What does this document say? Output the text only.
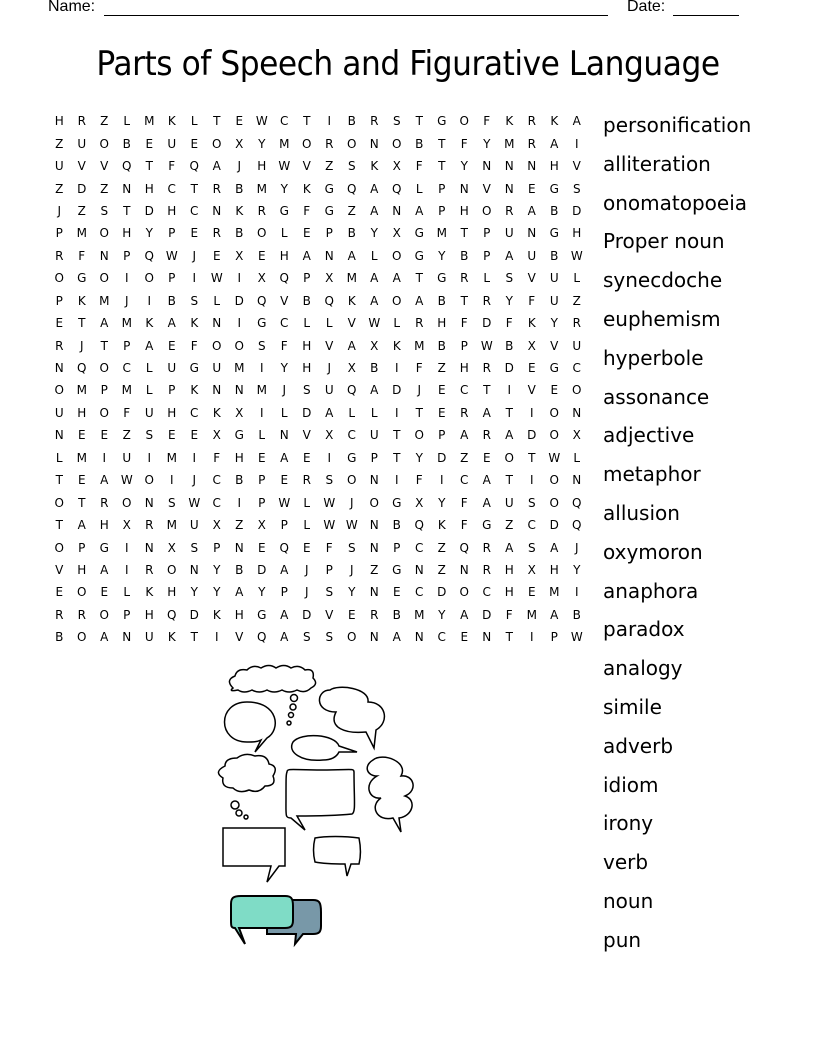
Name:	Date:
Parts of Speech and Figurative Language
H	R	Z	L	M	K	L	T	E	W	C	T	I	B	R	S	T	G	O	F	K	R	K	A
Z	U	O	B	E	U	E	O	X	Y	M	O	R	O	N	O	B	T	F	Y	M	R	A	I
U	V	V	Q	T	F	Q	A	J	H	W	V	Z	S	K	X	F	T	Y	N	N	N	H	V
Z	D	Z	N	H	C	T	R	B	M	Y	K	G	Q	A	Q	L	P	N	V	N	E	G	S
J	Z	S	T	D	H	C	N	K	R	G	F	G	Z	A	N	A	P	H	O	R	A	B	D
P	M	O	H	Y	P	E	R	B	O	L	E	P	B	Y	X	G	M	T	P	U	N	G	H
R	F	N	P	Q W	J	E	X	E	H	A	N	A	L	O	G	Y	B	P	A	U	B	W
O	G	O	I	O	P	I	W	I	X	Q	P	X	M	A	A	T	G	R	L	S	V	U	L
P	K	M	J	I	B	S	L	D	Q	V	B	Q	K	A	O	A	B	T	R	Y	F	U	Z
E	T	A	M	K	A	K	N	I	G	C	L	L	V	W	L	R	H	F	D	F	K	Y	R
R	J	T	P	A	E	F	O	O	S	F	H	V	A	X	K	M	B	P	W	B	X	V	U
N	Q	O	C	L	U	G	U	M	I	Y	H	J	X	B	I	F	Z	H	R	D	E	G	C
O	M	P	M	L	P	K	N	N	M	J	S	U	Q	A	D	J	E	C	T	I	V	E	O
U	H	O	F	U	H	C	K	X	I	L	D	A	L	L	I	T	E	R	A	T	I	O	N
N	E	E	Z	S	E	E	X	G	L	N	V	X	C	U	T	O	P	A	R	A	D	O	X
L	M	I	U	I	M	I	F	H	E	A	E	I	G	P	T	Y	D	Z	E	O	T	W	L
T	E	A	W O	I	J	C	B	P	E	R	S	O	N	I	F	I	C	A	T	I	O	N
O	T	R	O	N	S	W	C	I	P	W	L	W	J	O	G	X	Y	F	A	U	S	O	Q
T	A	H	X	R	M	U	X	Z	X	P	L	W W	N	B	Q	K	F	G	Z	C	D	Q
O	P	G	I	N	X	S	P	N	E	Q	E	F	S	N	P	C	Z	Q	R	A	S	A	J
V	H	A	I	R	O	N	Y	B	D	A	J	P	J	Z	G	N	Z	N	R	H	X	H	Y
E	O	E	L	K	H	Y	Y	A	Y	P	J	S	Y	N	E	C	D	O	C	H	E	M	I
R	R	O	P	H	Q	D	K	H	G	A	D	V	E	R	B	M	Y	A	D	F	M	A	B
B	O	A	N	U	K	T	I	V	Q	A	S	S	O	N	A	N	C	E	N	T	I	P	W
personification
alliteration
onomatopoeia
Proper noun
synecdoche
euphemism
hyperbole
assonance
adjective
metaphor
allusion
oxymoron
anaphora
paradox
analogy
simile
adverb
idiom
irony
verb
noun
pun
